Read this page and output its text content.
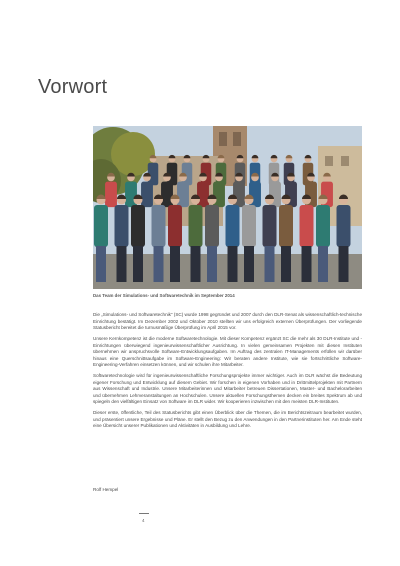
Vorwort
Das Team der Simulations- und Softwaretechnik im September 2014

Die „Simulations- und Softwaretechnik“ (SC) wurde 1998 gegründet und 2007 durch den DLR-Senat als wissenschaftlich-technische Einrichtung bestätigt. Im Dezember 2002 und Oktober 2010 stellten wir uns erfolgreich externen Überprüfungen. Der vorliegende Statusbericht bereitet die turnusmäßige Überprüfung im April 2015 vor.

Unsere Kernkompetenz ist die moderne Softwaretechnologie. Mit dieser Kompetenz ergänzt SC die mehr als 30 DLR-Institute und -Einrichtungen überwiegend ingenieurwissenschaftlicher Ausrichtung. In vielen gemeinsamen Projekten mit diesen Instituten übernehmen wir anspruchsvolle Software-Entwicklungsaufgaben. Im Auftrag des zentralen IT-Managements erfüllen wir darüber hinaus eine Querschnittsaufgabe im Software-Engineering: Wir beraten andere Institute, wie sie fortschrittliche Software-Engineering-Verfahren einsetzen können, und wir schulen ihre Mitarbeiter.

Softwaretechnologie wird für ingenieurwissenschaftliche Forschungsprojekte immer wichtiger. Auch im DLR wächst die Bedeutung eigener Forschung und Entwicklung auf diesem Gebiet. Wir forschen in eigenen Vorhaben und in Drittmittelprojekten mit Partnern aus Wissenschaft und Industrie. Unsere Mitarbeiterinnen und Mitarbeiter betreuen Dissertationen, Master- und Bachelorarbeiten und übernehmen Lehrveranstaltungen an Hochschulen. Unsere aktuellen Forschungsthemen decken ein breites Spektrum ab und spiegeln den vielfältigen Einsatz von Software im DLR wider. Wir kooperieren inzwischen mit den meisten DLR-Instituten.

Dieser erste, öffentliche, Teil des Statusberichts gibt einen Überblick über die Themen, die im Berichtszeitraum bearbeitet wurden, und präsentiert unsere Ergebnisse und Pläne. Er stellt den Bezug zu den Anwendungen in den Partnerinstituten her. Am Ende steht eine Übersicht unserer Publikationen und Aktivitäten in Ausbildung und Lehre.

Rolf Hempel
4
